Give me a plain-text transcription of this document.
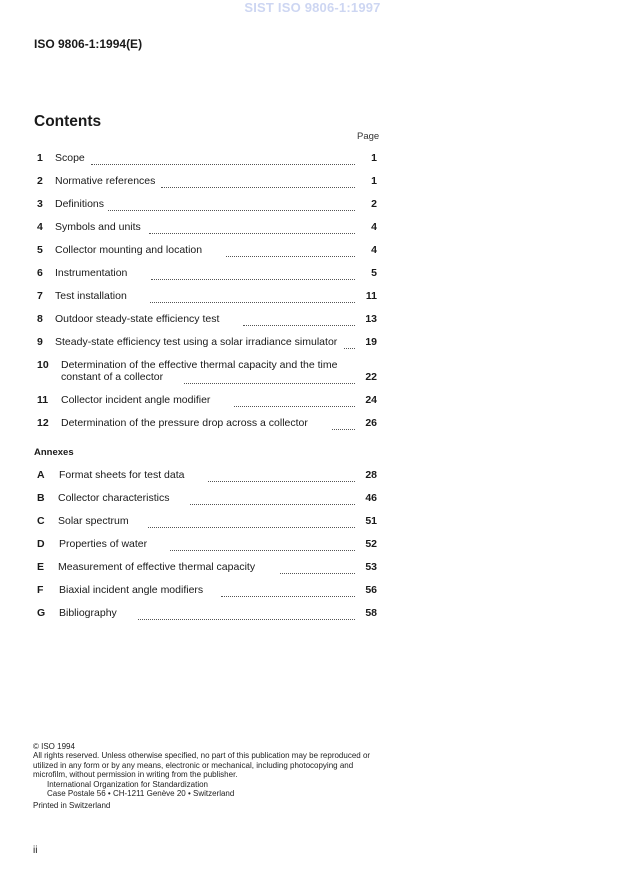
SIST ISO 9806-1:1997
ISO 9806-1:1994(E)
Contents
Page
Annexes
© ISO 1994
All rights reserved. Unless otherwise specified, no part of this publication may be reproduced or utilized in any form or by any means, electronic or mechanical, including photocopying and microfilm, without permission in writing from the publisher.
International Organization for Standardization
Case Postale 56 • CH-1211 Genève 20 • Switzerland
Printed in Switzerland
ii
1 Scope	1
2 Normative references	1
3 Definitions	2
4 Symbols and units	4
5 Collector mounting and location	4
6 Instrumentation	5
7 Test installation	11
8 Outdoor steady-state efficiency test	13
9 Steady-state efficiency test using a solar irradiance simulator	19
10 Determination of the effective thermal capacity and the time
constant of a collector	22
11 Collector incident angle modifier	24
12 Determination of the pressure drop across a collector	26
A Format sheets for test data	28
B Collector characteristics	46
C Solar spectrum	51
D Properties of water	52
E Measurement of effective thermal capacity	53
F Biaxial incident angle modifiers	56
G Bibliography	58
